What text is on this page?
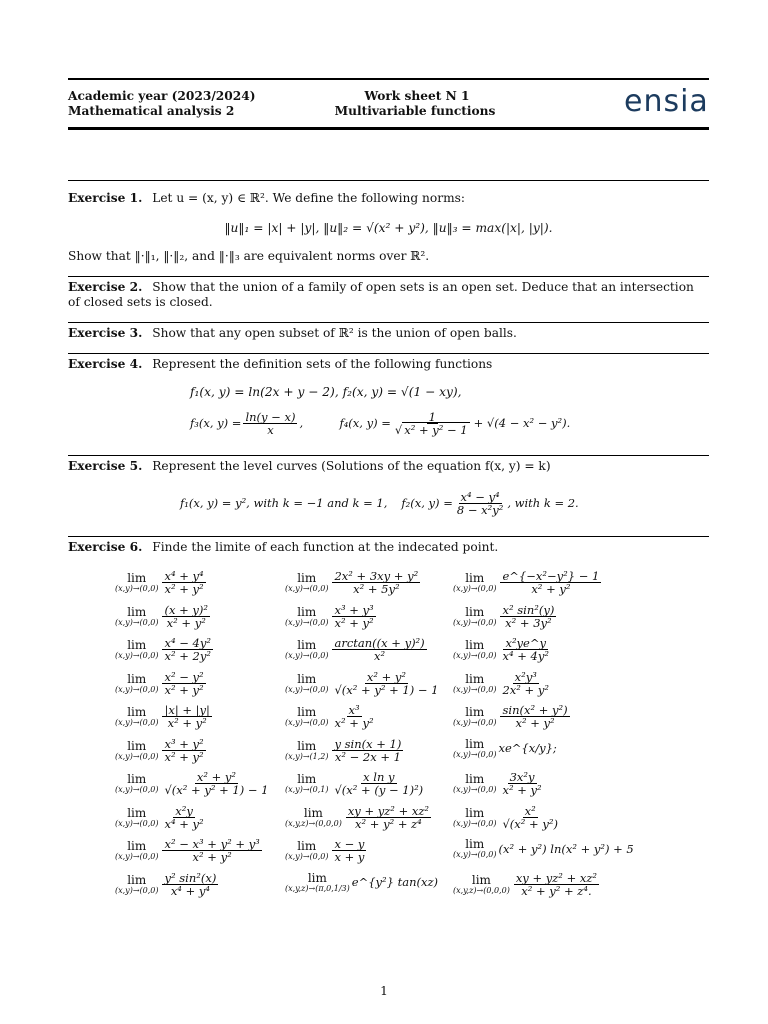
Academic year (2023/2024)
Mathematical analysis 2
Work sheet N 1
Multivariable functions	ensia
Exercise 1. Let u = (x, y) ∈ ℝ². We define the following norms:
‖u‖₁ = |x| + |y|, ‖u‖₂ = √(x² + y²), ‖u‖₃ = max(|x|, |y|).
Show that ‖·‖₁, ‖·‖₂, and ‖·‖₃ are equivalent norms over ℝ².
Exercise 2. Show that the union of a family of open sets is an open set. Deduce that an intersection of closed sets is closed.
Exercise 3. Show that any open subset of ℝ² is the union of open balls.
Exercise 4. Represent the definition sets of the following functions
f₁(x, y) = ln(2x + y − 2), f₂(x, y) = √(1 − xy),
f₃(x, $y) = \frac{\ln(y - x)}{x}$ ,	f₄(x, $y) = \frac{1}{\text{√ x² + y² − 1}} + √(4 - x^2 - y^2)$.
Exercise 5. Represent the level curves (Solutions of the equation f(x, y) = k)
f₁(x, y) = y², with k = −1 and k = 1, f₂(x, $y) = \frac{\text{x⁴ − y⁴}}{\text{8 − x²y²}}$ , with k = 2.
Exercise 6. Finde the limite of each function at the indecated point.
lim
$(x,y)\to(0,0) \frac{\text{x⁴ + y⁴}}{\text{x² + y²}}$
lim
$(x,y)\to(0,0) \frac{\text{(x + y)²}}{\text{x² + y²}}$
lim
$(x,y)\to(0,0) \frac{\text{x⁴ − 4y²}}{\text{x² + 2y²}}$
lim
$(x,y)\to(0,0) \frac{\text{x² − y²}}{\text{x² + y²}}$
lim
$(x,y)\to(0,0) \frac{|x| + |y|}{\text{x² + y²}}$
lim
$(x,y)\to(0,0) \frac{\text{x³ + y²}}{\text{x² + y²}}$
lim
$(x,y)\to(0,0) \frac{\text{x² + y²}}{\text{√(x² + y² + 1) − 1}}$
lim
$(x,y)\to(0,0) \frac{\text{x²y}}{\text{x⁴ + y²}}$
lim
$(x,y)\to(0,0) \frac{\text{x² − x³ + y² + y³}}{\text{x² + y²}}$
lim
$(x,y)\to(0,0) \frac{\text{y² sin²(x)}}{\text{x⁴ + y⁴}}$
lim
$(x,y)\to(0,0) \frac{\text{2x² + 3xy + y²}}{\text{x² + 5y²}}$
lim
$(x,y)\to(0,0) \frac{\text{x³ + y³}}{\text{x² + y²}}$
lim
$(x,y)\to(0,0) \frac{\text{arctan((x + y)²)}}{\text{x²}}$
lim
$(x,y)\to(0,0) \frac{\text{x² + y²}}{\text{√(x² + y² + 1) − 1}}$
lim
$(x,y)\to(0,0) \frac{\text{x³}}{\text{x² + y²}}$
lim
$(x,y)\to(1,2) \frac{\text{y sin(x + 1)}}{\text{x² − 2x + 1}}$
lim
$(x,y)\to(0,1) \frac{\text{x ln y}}{\text{√(x² + (y − 1)²)}}$
lim
$(x,y,z)\to(0,0,0) \frac{\text{xy + yz² + xz²}}{\text{x² + y² + z⁴}}$
lim
$(x,y)\to(0,0) \frac{x - y}{x + y}$
lim
(x,y,z)→(π,0,1/3) e^{y²} tan(xz)
lim
$(x,y)\to(0,0) \frac{\text{e\textasciicircum{}\{−x²−y²\} − 1}}{\text{x² + y²}}$
lim
$(x,y)\to(0,0) \frac{\text{x² sin²(y)}}{\text{x² + 3y²}}$
lim
$(x,y)\to(0,0) \frac{\text{x²ye\textasciicircum{}y}}{\text{x⁴ + 4y²}}$
lim
$(x,y)\to(0,0) \frac{\text{x²y³}}{\text{2x² + y²}}$
lim
$(x,y)\to(0,0) \frac{\text{sin(x² + y²)}}{\text{x² + y²}}$
lim
(x,y)→(0,0) xe^{x/y};
lim
$(x,y)\to(0,0) \frac{\text{3x²y}}{\text{x² + y²}}$
lim
$(x,y)\to(0,0) \frac{\text{x²}}{\text{√(x² + y²)}}$
lim
(x,y)→(0,0) (x² + y²) ln(x² + y²) + 5
lim
$(x,y,z)\to(0,0,0) \frac{\text{xy + yz² + xz²}}{\text{x² + y² + z⁴.}}$
1
